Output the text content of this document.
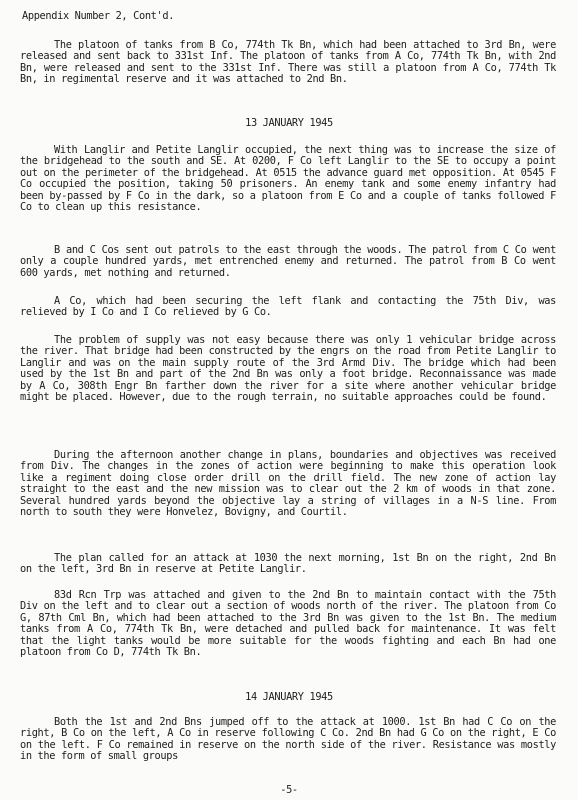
Appendix Number 2, Cont'd.
The platoon of tanks from B Co, 774th Tk Bn, which had been attached to 3rd Bn, were released and sent back to 331st Inf. The platoon of tanks from A Co, 774th Tk Bn, with 2nd Bn, were released and sent to the 331st Inf. There was still a platoon from A Co, 774th Tk Bn, in regimental reserve and it was attached to 2nd Bn.
13 JANUARY 1945
With Langlir and Petite Langlir occupied, the next thing was to increase the size of the bridgehead to the south and SE. At 0200, F Co left Langlir to the SE to occupy a point out on the perimeter of the bridgehead. At 0515 the advance guard met opposition. At 0545 F Co occupied the position, taking 50 prisoners. An enemy tank and some enemy infantry had been by-passed by F Co in the dark, so a platoon from E Co and a couple of tanks followed F Co to clean up this resistance.
B and C Cos sent out patrols to the east through the woods. The patrol from C Co went only a couple hundred yards, met entrenched enemy and returned. The patrol from B Co went 600 yards, met nothing and returned.
A Co, which had been securing the left flank and contacting the 75th Div, was relieved by I Co and I Co relieved by G Co.
The problem of supply was not easy because there was only 1 vehicular bridge across the river. That bridge had been constructed by the engrs on the road from Petite Langlir to Langlir and was on the main supply route of the 3rd Armd Div. The bridge which had been used by the 1st Bn and part of the 2nd Bn was only a foot bridge. Reconnaissance was made by A Co, 308th Engr Bn farther down the river for a site where another vehicular bridge might be placed. However, due to the rough terrain, no suitable approaches could be found.
During the afternoon another change in plans, boundaries and objectives was received from Div. The changes in the zones of action were beginning to make this operation look like a regiment doing close order drill on the drill field. The new zone of action lay straight to the east and the new mission was to clear out the 2 km of woods in that zone. Several hundred yards beyond the objective lay a string of villages in a N-S line. From north to south they were Honvelez, Bovigny, and Courtil.
The plan called for an attack at 1030 the next morning, 1st Bn on the right, 2nd Bn on the left, 3rd Bn in reserve at Petite Langlir.
83d Rcn Trp was attached and given to the 2nd Bn to maintain contact with the 75th Div on the left and to clear out a section of woods north of the river. The platoon from Co G, 87th Cml Bn, which had been attached to the 3rd Bn was given to the 1st Bn. The medium tanks from A Co, 774th Tk Bn, were detached and pulled back for maintenance. It was felt that the light tanks would be more suitable for the woods fighting and each Bn had one platoon from Co D, 774th Tk Bn.
14 JANUARY 1945
Both the 1st and 2nd Bns jumped off to the attack at 1000. 1st Bn had C Co on the right, B Co on the left, A Co in reserve following C Co. 2nd Bn had G Co on the right, E Co on the left. F Co remained in reserve on the north side of the river. Resistance was mostly in the form of small groups
-5-
